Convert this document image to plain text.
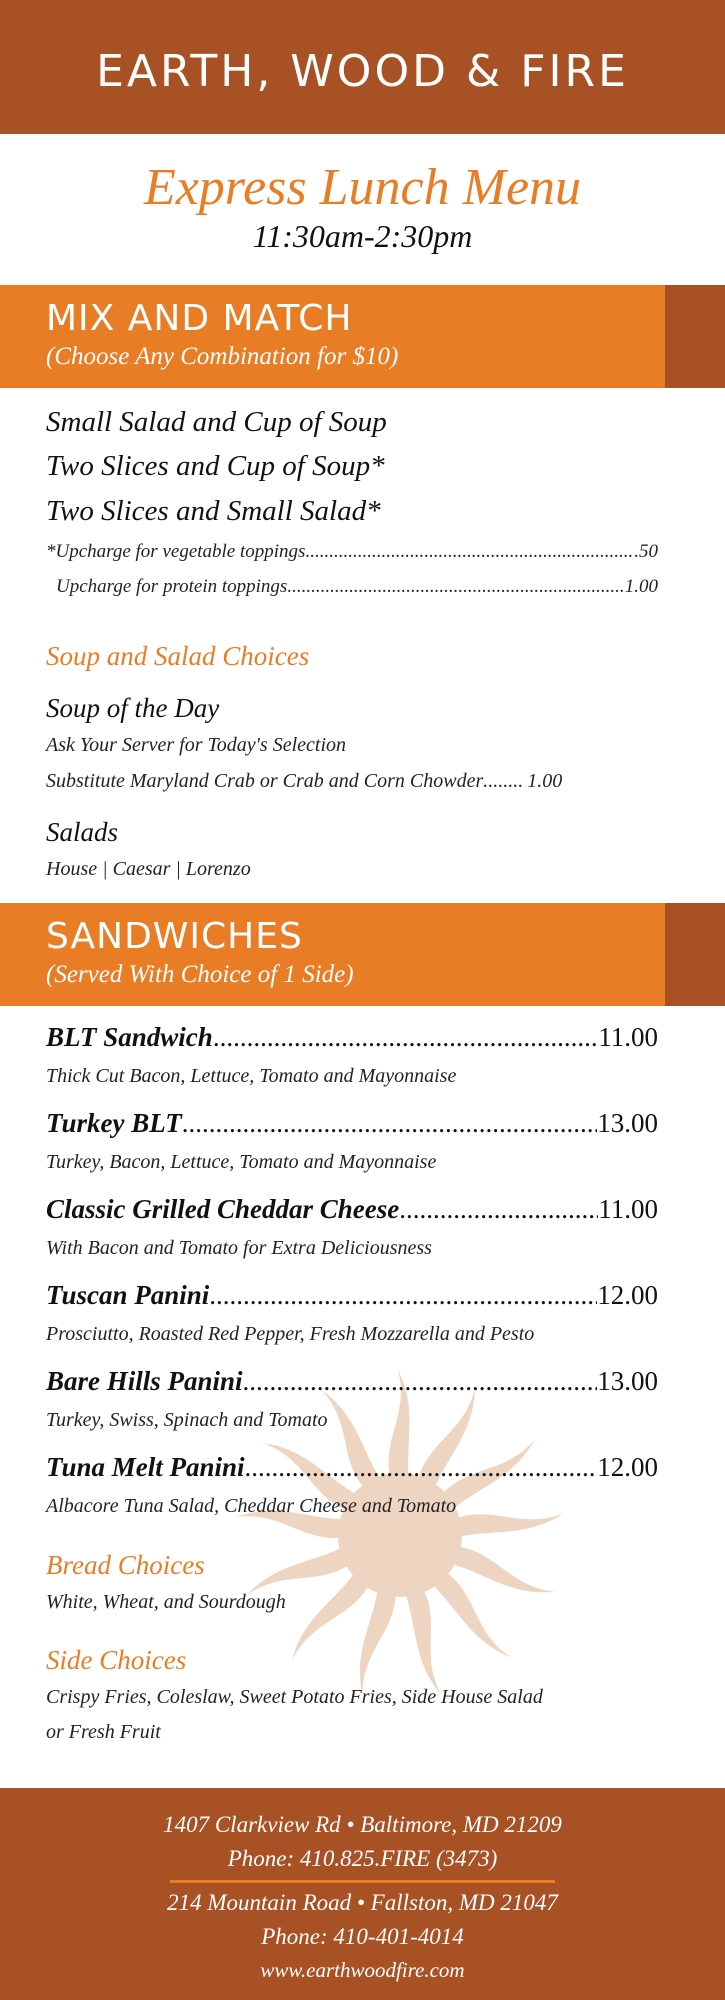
EARTH, WOOD & FIRE
Express Lunch Menu
11:30am-2:30pm
MIX AND MATCH
(Choose Any Combination for $10)
Small Salad and Cup of Soup
Two Slices and Cup of Soup*
Two Slices and Small Salad*
*Upcharge for vegetable toppings .....	.50
Upcharge for protein toppings .....	1.00
Soup and Salad Choices
Soup of the Day
Ask Your Server for Today's Selection
Substitute Maryland Crab or Crab and Corn Chowder ..... 1.00
Salads
House | Caesar | Lorenzo
SANDWICHES
(Served With Choice of 1 Side)
BLT Sandwich .....	11.00
Thick Cut Bacon, Lettuce, Tomato and Mayonnaise
Turkey BLT .....	13.00
Turkey, Bacon, Lettuce, Tomato and Mayonnaise
Classic Grilled Cheddar Cheese .....	11.00
With Bacon and Tomato for Extra Deliciousness
Tuscan Panini .....	12.00
Prosciutto, Roasted Red Pepper, Fresh Mozzarella and Pesto
Bare Hills Panini .....	13.00
Turkey, Swiss, Spinach and Tomato
Tuna Melt Panini .....	12.00
Albacore Tuna Salad, Cheddar Cheese and Tomato
Bread Choices
White, Wheat, and Sourdough
Side Choices
Crispy Fries, Coleslaw, Sweet Potato Fries, Side House Salad
or Fresh Fruit
1407 Clarkview Rd • Baltimore, MD 21209
Phone: 410.825.FIRE (3473)
214 Mountain Road • Fallston, MD 21047
Phone: 410-401-4014
www.earthwoodfire.com
